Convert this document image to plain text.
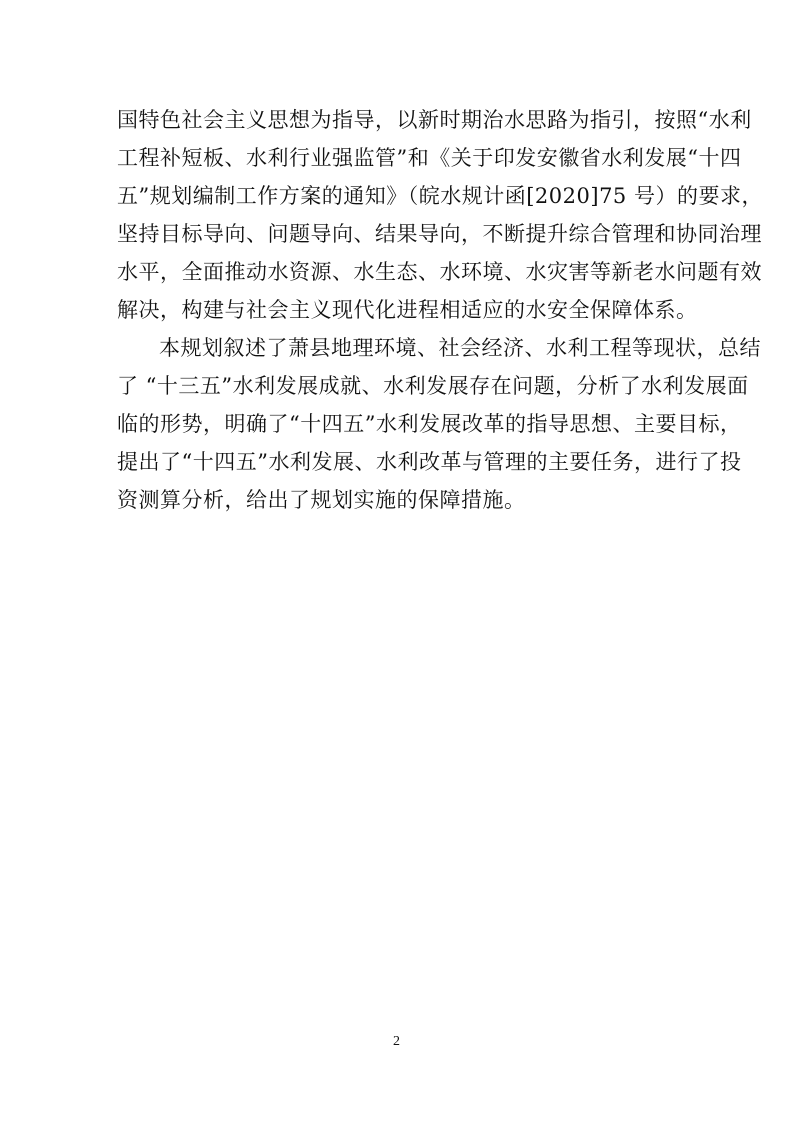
国特色社会主义思想为指导，以新时期治水思路为指引，按照“水利
工程补短板、水利行业强监管”和《关于印发安徽省水利发展“十四
五”规划编制工作方案的通知》（皖水规计函[2020]75 号）的要求，
坚持目标导向、问题导向、结果导向，不断提升综合管理和协同治理
水平，全面推动水资源、水生态、水环境、水灾害等新老水问题有效
解决，构建与社会主义现代化进程相适应的水安全保障体系。
本规划叙述了萧县地理环境、社会经济、水利工程等现状，总结
了 “十三五”水利发展成就、水利发展存在问题，分析了水利发展面
临的形势，明确了“十四五”水利发展改革的指导思想、主要目标，
提出了“十四五”水利发展、水利改革与管理的主要任务，进行了投
资测算分析，给出了规划实施的保障措施。
2
